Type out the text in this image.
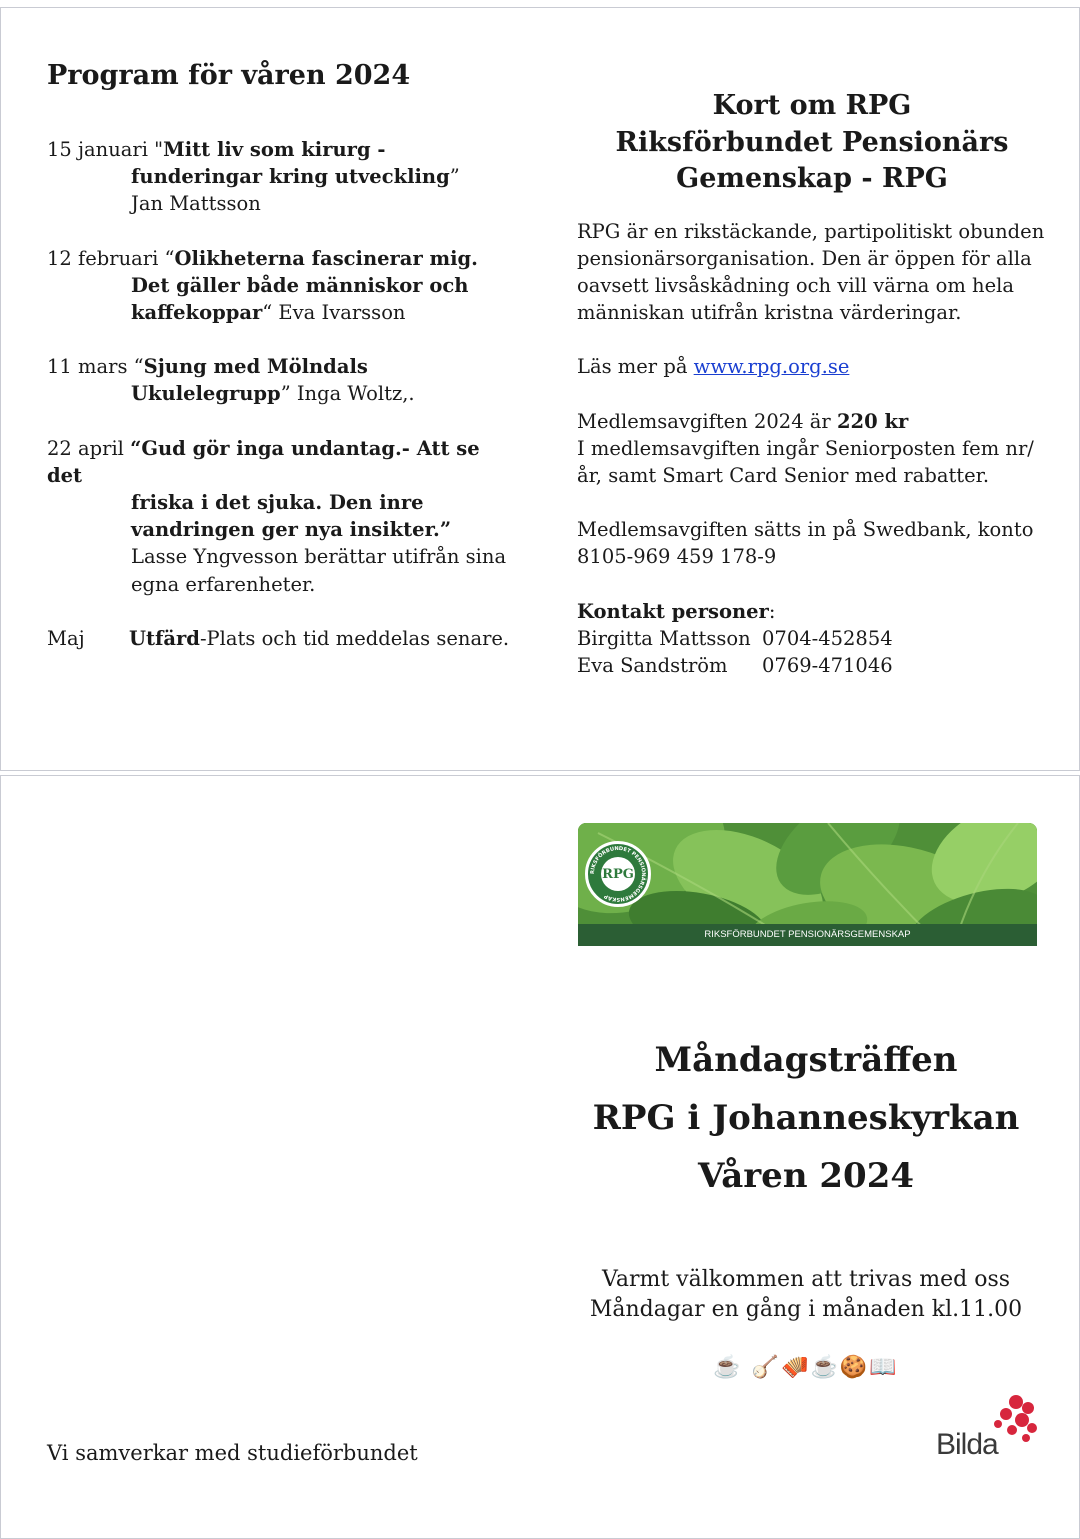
Program för våren 2024
15 januari "Mitt liv som kirurg -
funderingar kring utveckling”
Jan Mattsson
12 februari “Olikheterna fascinerar mig.
Det gäller både människor och
kaffekoppar“ Eva Ivarsson
11 mars “Sjung med Mölndals
Ukulelegrupp” Inga Woltz,.
22 april “Gud gör inga undantag.- Att se det
friska i det sjuka. Den inre
vandringen ger nya insikter.”
Lasse Yngvesson berättar utifrån sina egna erfarenheter.
Maj	Utfärd-Plats och tid meddelas senare.
Kort om RPG
Riksförbundet Pensionärs
Gemenskap - RPG

RPG är en rikstäckande, partipolitiskt obunden pensionärsorganisation. Den är öppen för alla oavsett livsåskådning och vill värna om hela människan utifrån kristna värderingar.

Läs mer på www.rpg.org.se

Medlemsavgiften 2024 är 220 kr
I medlemsavgiften ingår Seniorposten fem nr/år, samt Smart Card Senior med rabatter.

Medlemsavgiften sätts in på Swedbank, konto 8105-969 459 178-9

Kontakt personer:
Birgitta Mattsson 0704-452854
Eva Sandström	0769-471046
RIKSFÖRBUNDET PENSIONÄRSGEMENSKAP
RPG
RIKSFÖRBUNDET PENSIONÄRSGEMENSKAP
Måndagsträffen
RPG i Johanneskyrkan
Våren 2024
Varmt välkommen att trivas med oss
Måndagar en gång i månaden kl.11.00
☕ 🪕🪗☕🍪📖

Vi samverkar med studieförbundet	Bilda
